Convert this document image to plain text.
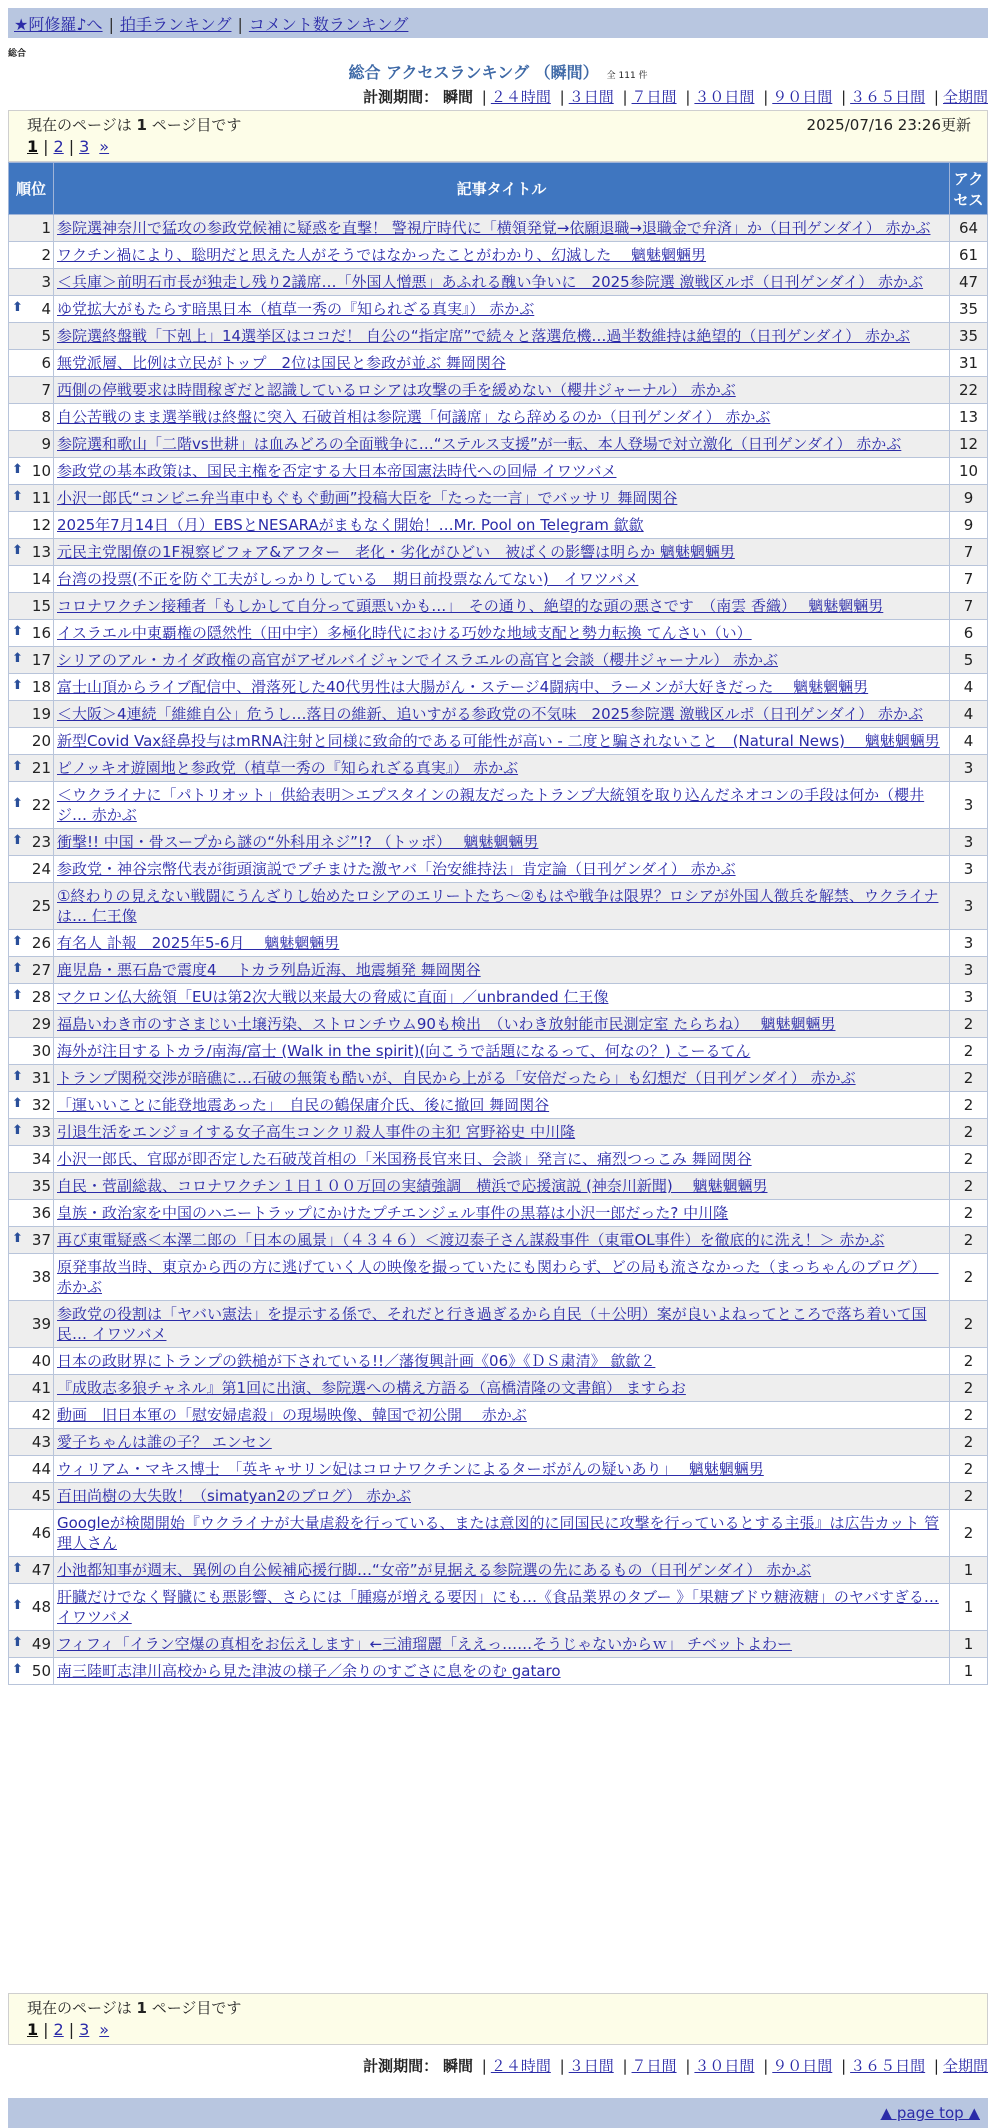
★阿修羅♪へ | 拍手ランキング | コメント数ランキング
総合
総合 アクセスランキング （瞬間） 全 111 件
計測期間： 瞬間 | ２４時間 | ３日間 | ７日間 | ３０日間 | ９０日間 | ３６５日間 | 全期間
現在のページは 1 ページ目です	2025/07/16 23:26更新
1 | 2 | 3 »
順位	記事タイトル	アクセス
1	参院選神奈川で猛攻の参政党候補に疑惑を直撃！ 警視庁時代に「横領発覚→依願退職→退職金で弁済」か（日刊ゲンダイ） 赤かぶ	64
2	ワクチン禍により、聡明だと思えた人がそうではなかったことがわかり、幻滅した　 魑魅魍魎男	61
3	＜兵庫＞前明石市長が独走し残り2議席…「外国人憎悪」あふれる醜い争いに　2025参院選 激戦区ルポ（日刊ゲンダイ） 赤かぶ	47

⬆ 4	ゆ党拡大がもたらす暗黒日本（植草一秀の『知られざる真実』） 赤かぶ	35
5	参院選終盤戦「下剋上」14選挙区はココだ！ 自公の“指定席”で続々と落選危機…過半数維持は絶望的（日刊ゲンダイ） 赤かぶ	35
6	無党派層、比例は立民がトップ　2位は国民と参政が並ぶ 舞岡関谷	31
7	西側の停戦要求は時間稼ぎだと認識しているロシアは攻撃の手を緩めない（櫻井ジャーナル） 赤かぶ	22
8	自公苦戦のまま選挙戦は終盤に突入 石破首相は参院選「何議席」なら辞めるのか（日刊ゲンダイ） 赤かぶ	13
9	参院選和歌山「二階vs世耕」は血みどろの全面戦争に…“ステルス支援”が一転、本人登場で対立激化（日刊ゲンダイ） 赤かぶ	12

⬆ 10	参政党の基本政策は、国民主権を否定する大日本帝国憲法時代への回帰 イワツバメ	10

⬆ 11	小沢一郎氏“コンビニ弁当車中もぐもぐ動画”投稿大臣を「たった一言」でバッサリ 舞岡関谷	9
12	2025年7月14日（月）EBSとNESARAがまもなく開始！…Mr. Pool on Telegram 歙歙	9

⬆ 13	元民主党閣僚の1F視察ビフォア&アフター　老化・劣化がひどい　被ばくの影響は明らか 魑魅魍魎男	7
14	台湾の投票(不正を防ぐ工夫がしっかりしている　期日前投票なんてない)　イワツバメ	7
15	コロナワクチン接種者「もしかして自分って頭悪いかも…」　その通り、絶望的な頭の悪さです　（南雲 香織）　 魑魅魍魎男	7

⬆ 16	イスラエル中東覇権の隠然性（田中宇）多極化時代における巧妙な地域支配と勢力転換 てんさい（い）	6

⬆ 17	シリアのアル・カイダ政権の高官がアゼルバイジャンでイスラエルの高官と会談（櫻井ジャーナル） 赤かぶ	5

⬆ 18	富士山頂からライブ配信中、滑落死した40代男性は大腸がん・ステージ4闘病中、ラーメンが大好きだった　 魑魅魍魎男	4
19	＜大阪＞4連続「維維自公」危うし…落日の維新、追いすがる参政党の不気味　2025参院選 激戦区ルポ（日刊ゲンダイ） 赤かぶ	4
20	新型Covid Vax経鼻投与はmRNA注射と同様に致命的である可能性が高い - 二度と騙されないこと　(Natural News)　 魑魅魍魎男	4

⬆ 21	ピノッキオ遊園地と参政党（植草一秀の『知られざる真実』） 赤かぶ	3

⬆ 22	＜ウクライナに「パトリオット」供給表明＞エプスタインの親友だったトランプ大統領を取り込んだネオコンの手段は何か（櫻井ジ… 赤かぶ	3

⬆ 23	衝撃!! 中国・骨スープから謎の“外科用ネジ”!? （トッポ）　 魑魅魍魎男	3
24	参政党・神谷宗幣代表が街頭演説でブチまけた激ヤバ「治安維持法」肯定論（日刊ゲンダイ） 赤かぶ	3
25	①終わりの見えない戦闘にうんざりし始めたロシアのエリートたち～②もはや戦争は限界？ロシアが外国人徴兵を解禁、ウクライナは… 仁王像	3

⬆ 26	有名人 訃報　2025年5-6月　 魑魅魍魎男	3

⬆ 27	鹿児島・悪石島で震度4　 トカラ列島近海、地震頻発 舞岡関谷	3

⬆ 28	マクロン仏大統領「EUは第2次大戦以来最大の脅威に直面」／unbranded 仁王像	3
29	福島いわき市のすさまじい土壌汚染、ストロンチウム90も検出　（いわき放射能市民測定室 たらちね）　 魑魅魍魎男	2
30	海外が注目するトカラ/南海/富士 (Walk in the spirit)(向こうで話題になるって、何なの？) こーるてん	2

⬆ 31	トランプ関税交渉が暗礁に…石破の無策も酷いが、自民から上がる「安倍だったら」も幻想だ（日刊ゲンダイ） 赤かぶ	2

⬆ 32	「運いいことに能登地震あった」　自民の鶴保庸介氏、後に撤回 舞岡関谷	2

⬆ 33	引退生活をエンジョイする女子高生コンクリ殺人事件の主犯 宮野裕史 中川隆	2
34	小沢一郎氏、官邸が即否定した石破茂首相の「米国務長官来日、会談」発言に、痛烈つっこみ 舞岡関谷	2
35	自民・菅副総裁、コロナワクチン１日１００万回の実績強調　横浜で応援演説 (神奈川新聞)　 魑魅魍魎男	2
36	皇族・政治家を中国のハニートラップにかけたプチエンジェル事件の黒幕は小沢一郎だった? 中川隆	2

⬆ 37	再び東電疑惑＜本澤二郎の「日本の風景」（４３４６）＜渡辺泰子さん謀殺事件（東電OL事件）を徹底的に洗え！＞ 赤かぶ	2
38	原発事故当時、東京から西の方に逃げていく人の映像を撮っていたにも関わらず、どの局も流さなかった（まっちゃんのブログ）　 赤かぶ	2
39	参政党の役割は「ヤバい憲法」を提示する係で、それだと行き過ぎるから自民（＋公明）案が良いよねってところで落ち着いて国民… イワツバメ	2
40	日本の政財界にトランプの鉄槌が下されている!!／藩復興計画《06》《ＤＳ粛清》 歙歙２	2
41	『成敗志多狼チャネル』第1回に出演、参院選への構え方語る（高橋清隆の文書館） ますらお	2
42	動画　旧日本軍の「慰安婦虐殺」の現場映像、韓国で初公開　 赤かぶ	2
43	愛子ちゃんは誰の子？ エンセン	2
44	ウィリアム・マキス博士　「英キャサリン妃はコロナワクチンによるターボがんの疑いあり」　 魑魅魍魎男	2
45	百田尚樹の大失敗！（simatyan2のブログ） 赤かぶ	2
46	Googleが検閲開始『ウクライナが大量虐殺を行っている、または意図的に同国民に攻撃を行っているとする主張』は広告カット 管理人さん	2

⬆ 47	小池都知事が週末、異例の自公候補応援行脚…“女帝”が見据える参院選の先にあるもの（日刊ゲンダイ） 赤かぶ	1

⬆ 48	肝臓だけでなく腎臓にも悪影響、さらには「腫瘍が増える要因」にも…《食品業界のタブー 》「果糖ブドウ糖液糖」のヤバすぎる… イワツバメ	1

⬆ 49	フィフィ「イラン空爆の真相をお伝えします」←三浦瑠麗「ええっ……そうじゃないからｗ」 チベットよわー	1

⬆ 50	南三陸町志津川高校から見た津波の様子／余りのすごさに息をのむ gataro	1
現在のページは 1 ページ目です
1 | 2 | 3 »
計測期間： 瞬間 | ２４時間 | ３日間 | ７日間 | ３０日間 | ９０日間 | ３６５日間 | 全期間
▲ page top ▲
